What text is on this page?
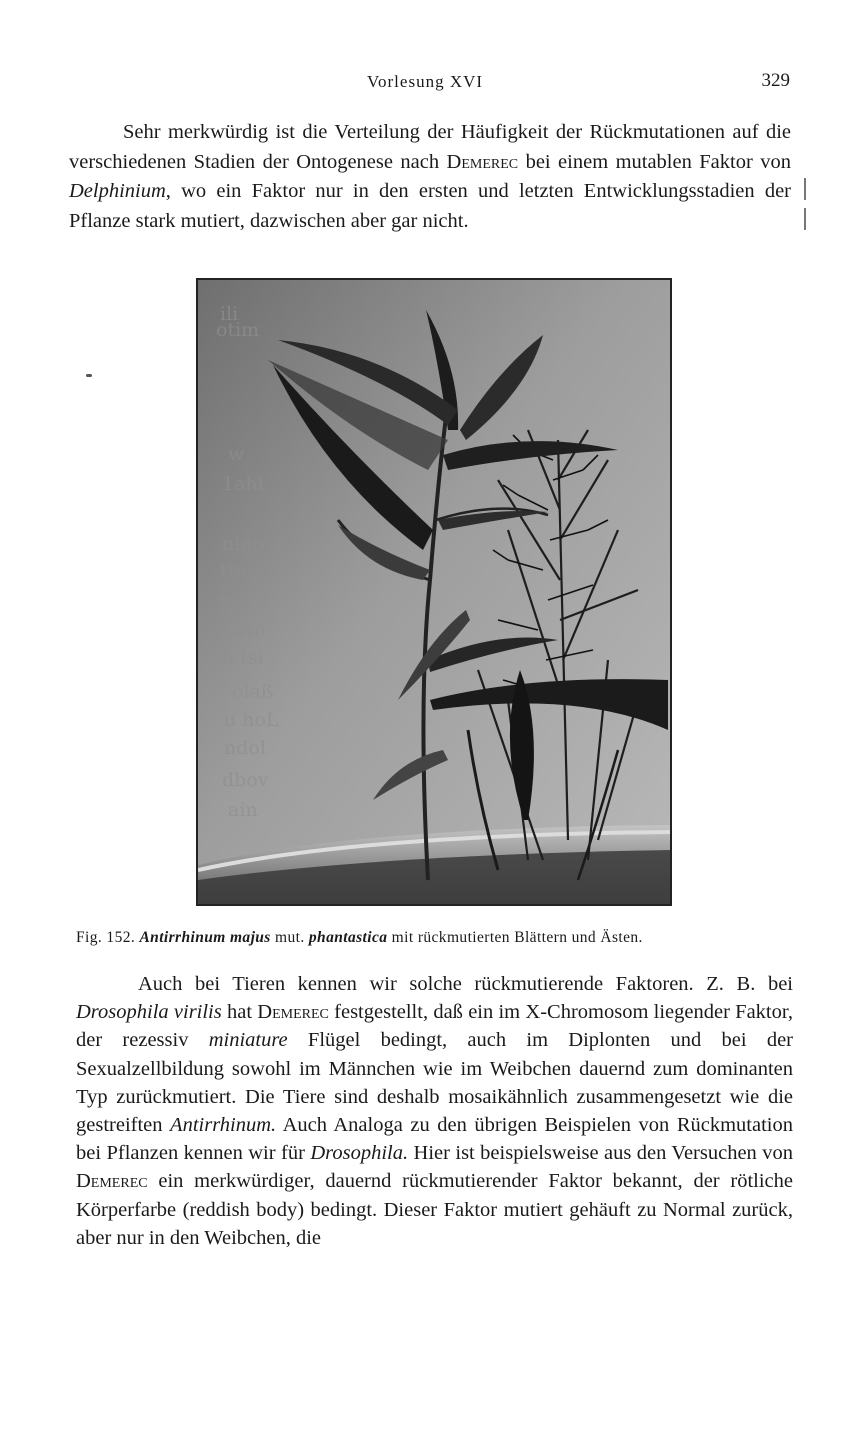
Vorlesung XVI	329

Sehr merkwürdig ist die Verteilung der Häufigkeit der Rückmutationen auf die verschiedenen Stadien der Ontogenese nach Demerec bei einem mutablen Faktor von Delphinium, wo ein Faktor nur in den ersten und letzten Entwicklungsstadien der Pflanze stark mutiert, dazwischen aber gar nicht.

ili
otim
w
1ahl
nigo
ttoH
mo
dom
n tsi
olaß
u hoL
ndol
dbov
ain
Fig. 152. Antirrhinum majus mut. phantastica mit rückmutierten Blättern und Ästen.

Auch bei Tieren kennen wir solche rückmutierende Faktoren. Z. B. bei Drosophila virilis hat Demerec festgestellt, daß ein im X-Chromosom liegender Faktor, der rezessiv miniature Flügel bedingt, auch im Diplonten und bei der Sexualzellbildung sowohl im Männchen wie im Weibchen dauernd zum dominanten Typ zurückmutiert. Die Tiere sind deshalb mosaikähnlich zusammengesetzt wie die gestreiften Antirrhinum. Auch Analoga zu den übrigen Beispielen von Rückmutation bei Pflanzen kennen wir für Drosophila. Hier ist beispielsweise aus den Versuchen von Demerec ein merkwürdiger, dauernd rückmutierender Faktor bekannt, der rötliche Körperfarbe (reddish body) bedingt. Dieser Faktor mutiert gehäuft zu Normal zurück, aber nur in den Weibchen, die
